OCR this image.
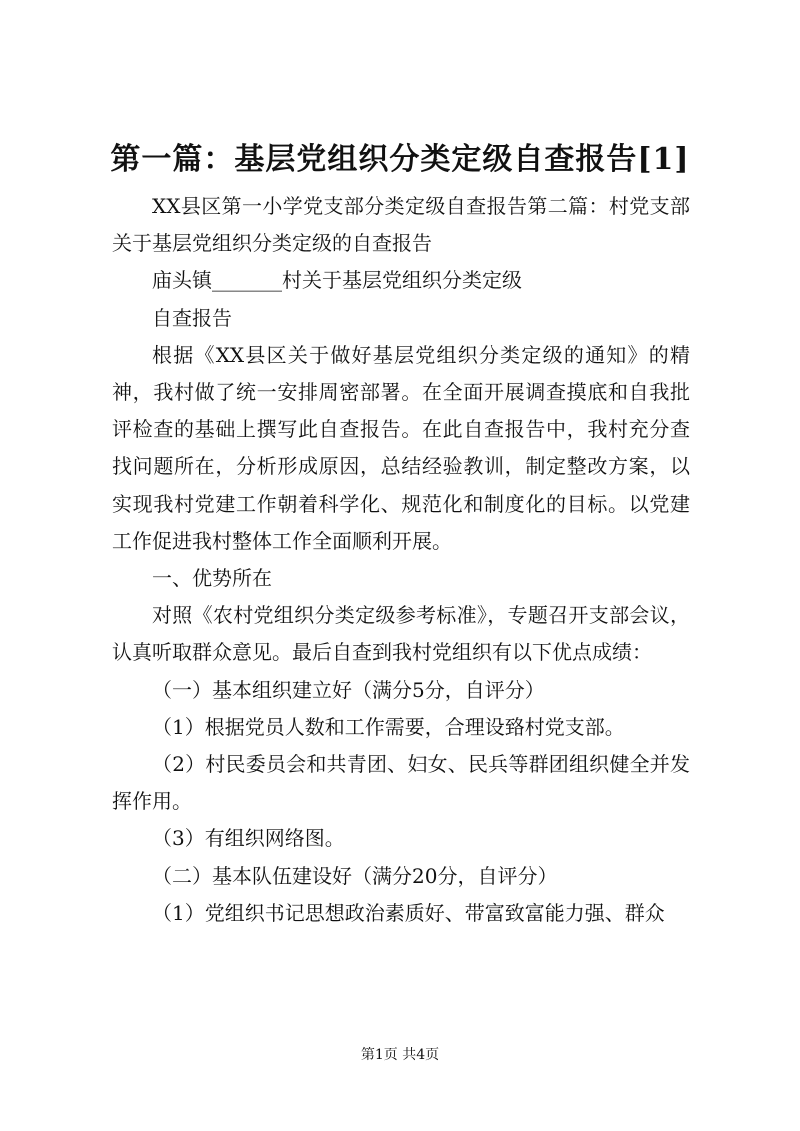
第一篇：基层党组织分类定级自查报告[1]

XX县区第一小学党支部分类定级自查报告第二篇：村党支部关于基层党组织分类定级的自查报告

庙头镇_______村关于基层党组织分类定级

自查报告

根据《XX县区关于做好基层党组织分类定级的通知》的精神，我村做了统一安排周密部署。在全面开展调查摸底和自我批评检查的基础上撰写此自查报告。在此自查报告中，我村充分查找问题所在，分析形成原因，总结经验教训，制定整改方案，以实现我村党建工作朝着科学化、规范化和制度化的目标。以党建工作促进我村整体工作全面顺利开展。

一、优势所在

对照《农村党组织分类定级参考标准》，专题召开支部会议，认真听取群众意见。最后自查到我村党组织有以下优点成绩：

（一）基本组织建立好（满分5分，自评分）

（1）根据党员人数和工作需要，合理设臵村党支部。

（2）村民委员会和共青团、妇女、民兵等群团组织健全并发挥作用。

（3）有组织网络图。

（二）基本队伍建设好（满分20分，自评分）

（1）党组织书记思想政治素质好、带富致富能力强、群众

第1页 共4页
